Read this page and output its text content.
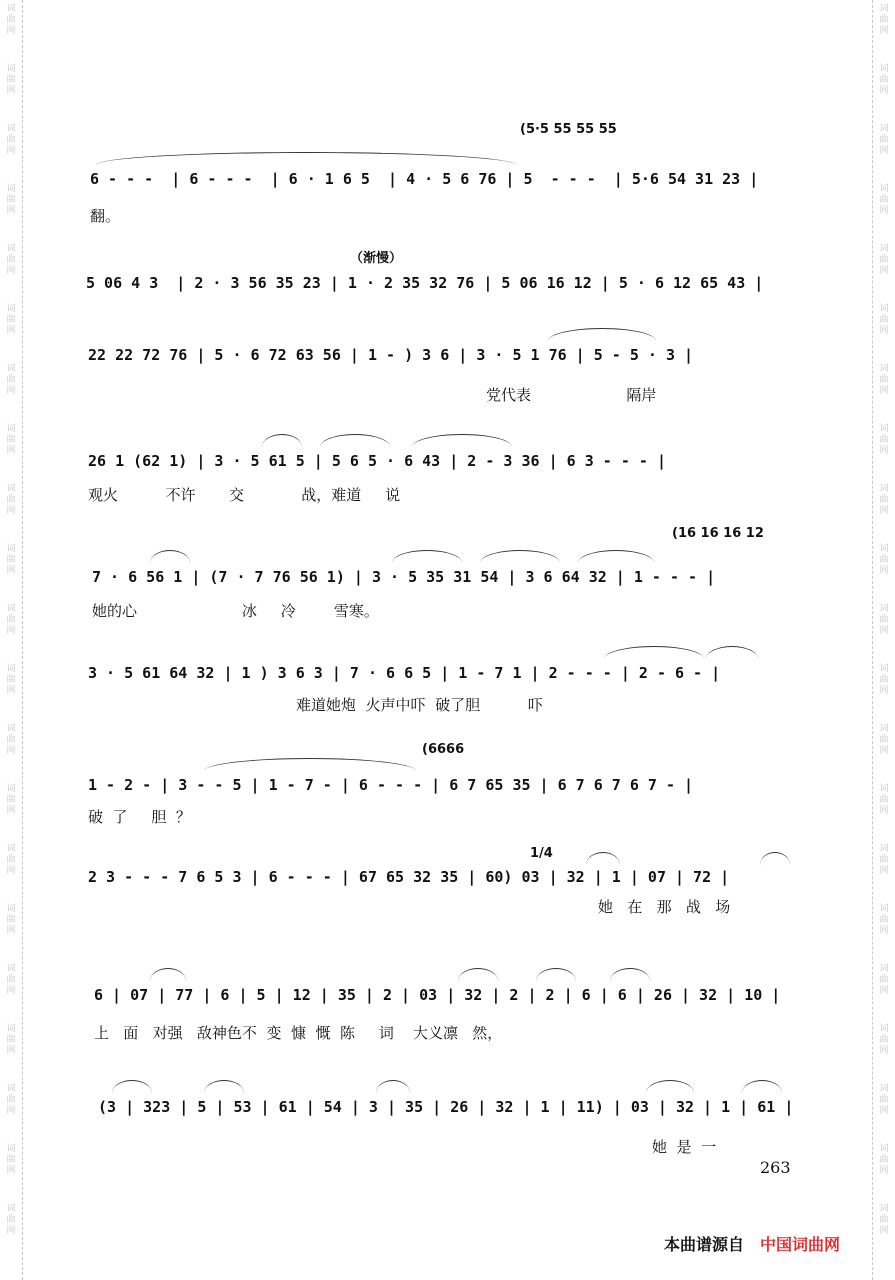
词
曲
网
词
曲
网
词
曲
网
词
曲
网
词
曲
网
词
曲
网
词
曲
网
词
曲
网
词
曲
网
词
曲
网
词
曲
网
词
曲
网
词
曲
网
词
曲
网
词
曲
网
词
曲
网
词
曲
网
词
曲
网
词
曲
网
词
曲
网
词
曲
网
词
曲
网
词
曲
网
词
曲
网
词
曲
网
词
曲
网
词
曲
网
词
曲
网
词
曲
网
词
曲
网
词
曲
网
词
曲
网
词
曲
网
词
曲
网
词
曲
网
词
曲
网
词
曲
网
词
曲
网
词
曲
网
词
曲
网
词
曲
网
词
曲
网
(5·5 55 55 55
6 - - -  | 6 - - -  | 6 · 1 6 5  | 4 · 5 6 76 | 5  - - -  | 5·6 54 31 23 |
翻。
（渐慢）
5 06 4 3  | 2 · 3 56 35 23 | 1 · 2 35 32 76 | 5 06 16 12 | 5 · 6 12 65 43 |
22 22 72 76 | 5 · 6 72 63 56 | 1 - ) 3 6 | 3 · 5 1 76 | 5 - 5 · 3 |
党代表                    隔岸
26 1 (62 1) | 3 · 5 61 5 | 5 6 5 · 6 43 | 2 - 3 36 | 6 3 - - - |
观火          不许       交            战，难道     说
(16 16 16 12
7 · 6 56 1 | (7 · 7 76 56 1) | 3 · 5 35 31 54 | 3 6 64 32 | 1 - - - |
她的心                      冰     冷        雪寒。
3 · 5 61 64 32 | 1 ) 3 6 3 | 7 · 6 6 5 | 1 - 7 1 | 2 - - - | 2 - 6 - |
难道她炮  火声中吓  破了胆          吓
(6666
1 - 2 - | 3 - - 5 | 1 - 7 - | 6 - - - | 6 7 65 35 | 6 7 6 7 6 7 - |
破  了     胆  ？
1/4
2 3 - - - 7 6 5 3 | 6 - - - | 67 65 32 35 | 60) 03 | 32 | 1 | 07 | 72 |
她   在   那   战   场
6 | 07 | 77 | 6 | 5 | 12 | 35 | 2 | 03 | 32 | 2 | 2 | 6 | 6 | 26 | 32 | 10 |
上   面   对强   敌神色不  变  慷  慨  陈     词    大义凛   然，
(3 | 323 | 5 | 53 | 61 | 54 | 3 | 35 | 26 | 32 | 1 | 11) | 03 | 32 | 1 | 61 |
她  是  一
263
本曲谱源自 中国词曲网
